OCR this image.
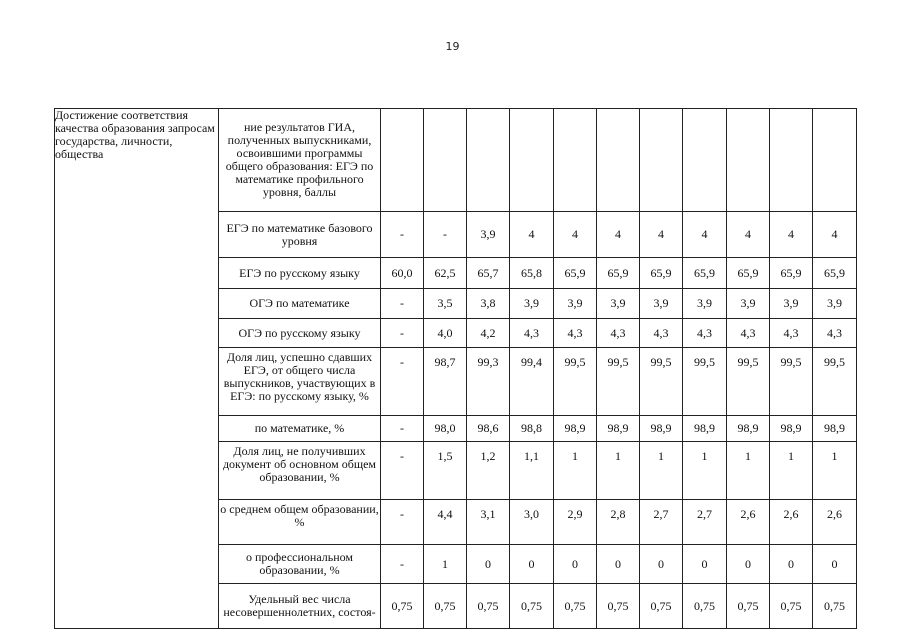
19
Достижение соответствия качества образования запросам государства, личности, общества	ние результатов ГИА, полученных выпускниками, освоившими программы общего образования: ЕГЭ по математике профильного уровня, баллы											
	ЕГЭ по математике базового уровня	-	-	3,9	4	4	4	4	4	4	4	4
	ЕГЭ по русскому языку	60,0	62,5	65,7	65,8	65,9	65,9	65,9	65,9	65,9	65,9	65,9
	ОГЭ по математике	-	3,5	3,8	3,9	3,9	3,9	3,9	3,9	3,9	3,9	3,9
	ОГЭ по русскому языку	-	4,0	4,2	4,3	4,3	4,3	4,3	4,3	4,3	4,3	4,3
	Доля лиц, успешно сдавших ЕГЭ, от общего числа выпускников, участвующих в ЕГЭ: по русскому языку, %	-	98,7	99,3	99,4	99,5	99,5	99,5	99,5	99,5	99,5	99,5
	по математике, %	-	98,0	98,6	98,8	98,9	98,9	98,9	98,9	98,9	98,9	98,9
	Доля лиц, не получивших документ об основном общем образовании, %	-	1,5	1,2	1,1	1	1	1	1	1	1	1
	о среднем общем образовании, %	-	4,4	3,1	3,0	2,9	2,8	2,7	2,7	2,6	2,6	2,6
	о профессиональном образовании, %	-	1	0	0	0	0	0	0	0	0	0
	Удельный вес числа несовершеннолетних, состоя-	0,75	0,75	0,75	0,75	0,75	0,75	0,75	0,75	0,75	0,75	0,75
